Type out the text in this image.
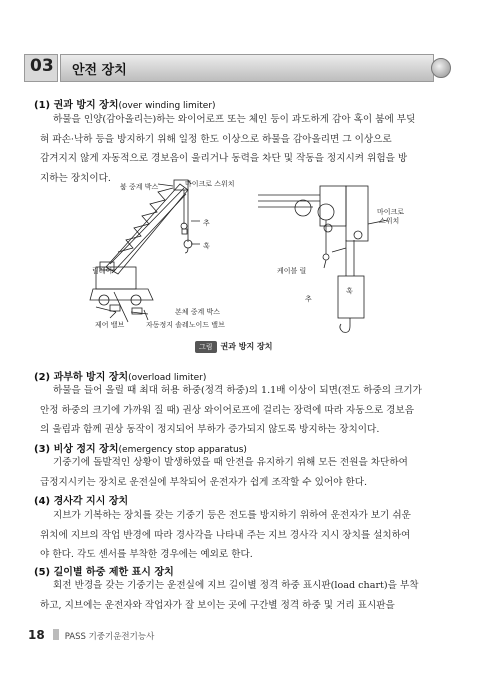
03 안전 장치
(1) 권과 방지 장치(over winding limiter)
하물을 인양(감아올리는)하는 와이어로프 또는 체인 등이 과도하게 감아 혹이 붐에 부딪
혀 파손·낙하 등을 방지하기 위해 일정 한도 이상으로 하물을 감아올리면 그 이상으로
감겨지지 않게 자동적으로 경보음이 울리거나 동력을 차단 및 작동을 정지시켜 위험을 방
지하는 장치이다.
붐 중계 박스	마이크로 스위치
추
훅
릴레이
본체 중계 박스
제어 밸브	자동정지 솔레노이드 밸브
케이블 릴
추
훅
마이크로
스위치
그림 권과 방지 장치
(2) 과부하 방지 장치(overload limiter)
하물을 들어 올릴 때 최대 허용 하중(정격 하중)의 1.1배 이상이 되면(전도 하중의 크기가
안정 하중의 크기에 가까워 질 때) 권상 와이어로프에 걸리는 장력에 따라 자동으로 경보음
의 울림과 함께 권상 동작이 정지되어 부하가 증가되지 않도록 방지하는 장치이다.
(3) 비상 정지 장치(emergency stop apparatus)
기중기에 돌발적인 상황이 발생하였을 때 안전을 유지하기 위해 모든 전원을 차단하여
급정지시키는 장치로 운전실에 부착되어 운전자가 쉽게 조작할 수 있어야 한다.
(4) 경사각 지시 장치
지브가 기복하는 장치를 갖는 기중기 등은 전도를 방지하기 위하여 운전자가 보기 쉬운
위치에 지브의 작업 반경에 따라 경사각을 나타내 주는 지브 경사각 지시 장치를 설치하여
야 한다. 각도 센서를 부착한 경우에는 예외로 한다.
(5) 길이별 하중 제한 표시 장치
회전 반경을 갖는 기중기는 운전실에 지브 길이별 정격 하중 표시판(load chart)을 부착
하고, 지브에는 운전자와 작업자가 잘 보이는 곳에 구간별 정격 하중 및 거리 표시판을
18 PASS 기중기운전기능사
